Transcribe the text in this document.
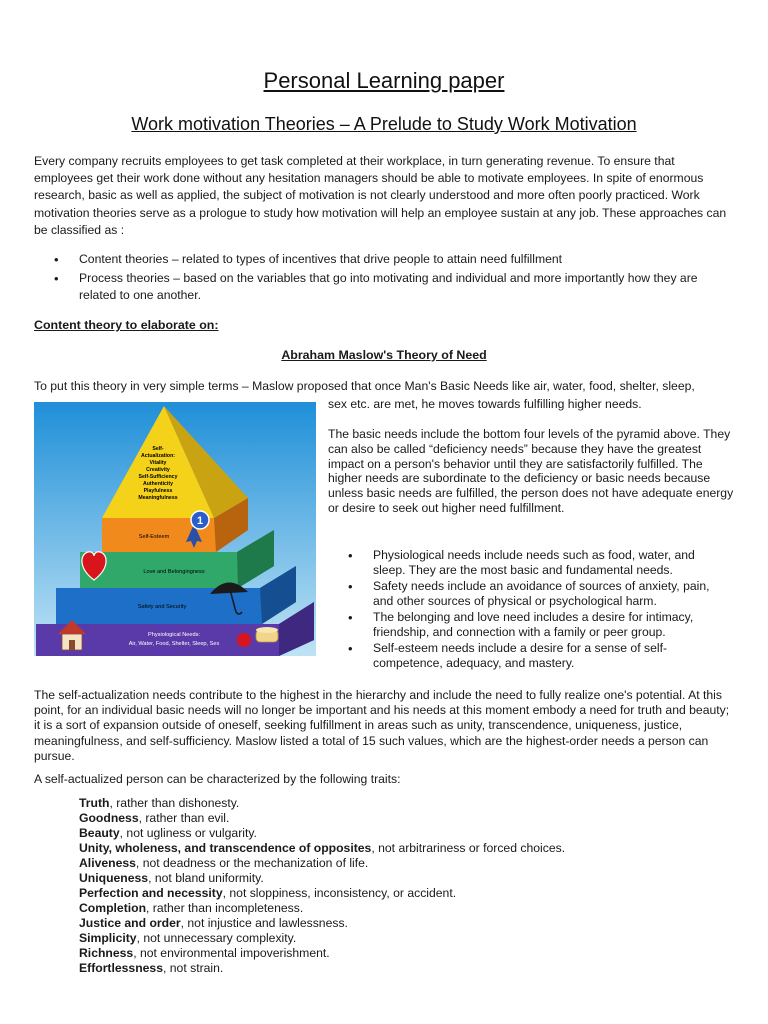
Personal Learning paper
Work motivation Theories – A Prelude to Study Work Motivation

Every company recruits employees to get task completed at their workplace, in turn generating revenue. To ensure that employees get their work done without any hesitation managers should be able to motivate employees. In spite of enormous research, basic as well as applied, the subject of motivation is not clearly understood and more often poorly practiced. Work motivation theories serve as a prologue to study how motivation will help an employee sustain at any job. These approaches can be classified as :

• Content theories – related to types of incentives that drive people to attain need fulfillment
• Process theories – based on the variables that go into motivating and individual and more importantly how they are related to one another.
Content theory to elaborate on:
Abraham Maslow's Theory of Need

To put this theory in very simple terms – Maslow proposed that once Man's Basic Needs like air, water, food, shelter, sleep,

sex etc. are met, he moves towards fulfilling higher needs.

Self-
Actualization:
Vitality
Creativity
Self-Sufficiency
Authenticity
Playfulness
Meaningfulness
1
Self-Esteem
Love and Belongingness
Safety and Security
Physiological Needs:
Air, Water, Food, Shelter, Sleep, Sex

The basic needs include the bottom four levels of the pyramid above. They can also be called “deficiency needs” because they have the greatest impact on a person's behavior until they are satisfactorily fulfilled. The higher needs are subordinate to the deficiency or basic needs because unless basic needs are fulfilled, the person does not have adequate energy or desire to seek out higher need fulfillment.

• Physiological needs include needs such as food, water, and sleep. They are the most basic and fundamental needs.
• Safety needs include an avoidance of sources of anxiety, pain, and other sources of physical or psychological harm.
• The belonging and love need includes a desire for intimacy, friendship, and connection with a family or peer group.
• Self-esteem needs include a desire for a sense of self-competence, adequacy, and mastery.

The self-actualization needs contribute to the highest in the hierarchy and include the need to fully realize one's potential. At this point, for an individual basic needs will no longer be important and his needs at this moment embody a need for truth and beauty; it is a sort of expansion outside of oneself, seeking fulfillment in areas such as unity, transcendence, uniqueness, justice, meaningfulness, and self-sufficiency. Maslow listed a total of 15 such values, which are the highest-order needs a person can pursue.

A self-actualized person can be characterized by the following traits:

Truth, rather than dishonesty.
Goodness, rather than evil.
Beauty, not ugliness or vulgarity.
Unity, wholeness, and transcendence of opposites, not arbitrariness or forced choices.
Aliveness, not deadness or the mechanization of life.
Uniqueness, not bland uniformity.
Perfection and necessity, not sloppiness, inconsistency, or accident.
Completion, rather than incompleteness.
Justice and order, not injustice and lawlessness.
Simplicity, not unnecessary complexity.
Richness, not environmental impoverishment.
Effortlessness, not strain.
